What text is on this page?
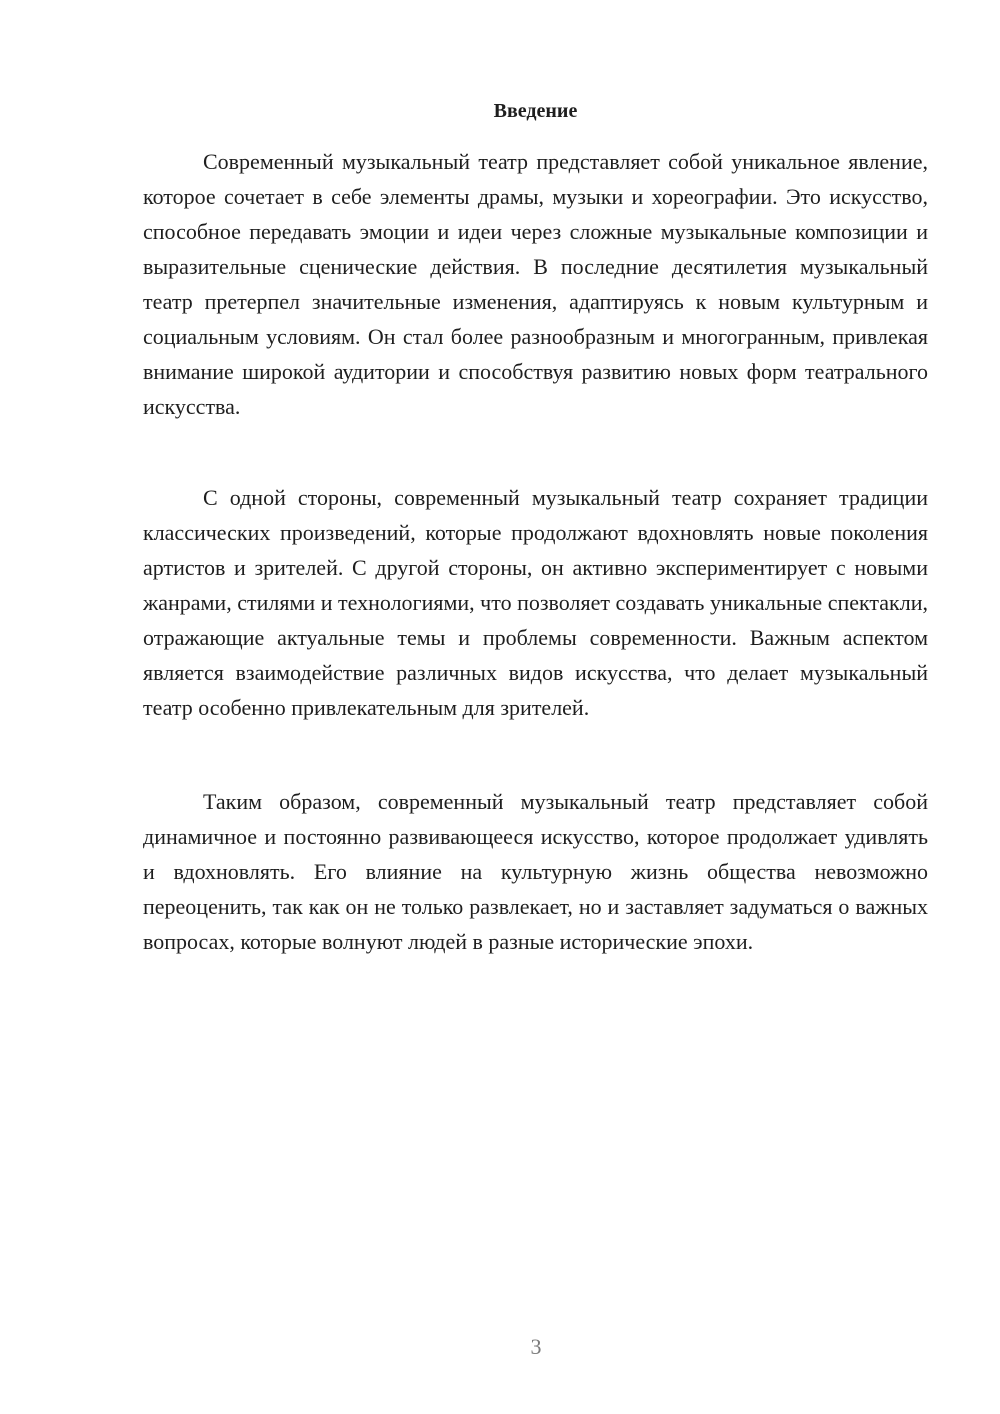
Введение

Современный музыкальный театр представляет собой уникальное явление, которое сочетает в себе элементы драмы, музыки и хореографии. Это искусство, способное передавать эмоции и идеи через сложные музыкальные композиции и выразительные сценические действия. В последние десятилетия музыкальный театр претерпел значительные изменения, адаптируясь к новым культурным и социальным условиям. Он стал более разнообразным и многогранным, привлекая внимание широкой аудитории и способствуя развитию новых форм театрального искусства.

С одной стороны, современный музыкальный театр сохраняет традиции классических произведений, которые продолжают вдохновлять новые поколения артистов и зрителей. С другой стороны, он активно экспериментирует с новыми жанрами, стилями и технологиями, что позволяет создавать уникальные спектакли, отражающие актуальные темы и проблемы современности. Важным аспектом является взаимодействие различных видов искусства, что делает музыкальный театр особенно привлекательным для зрителей.

Таким образом, современный музыкальный театр представляет собой динамичное и постоянно развивающееся искусство, которое продолжает удивлять и вдохновлять. Его влияние на культурную жизнь общества невозможно переоценить, так как он не только развлекает, но и заставляет задуматься о важных вопросах, которые волнуют людей в разные исторические эпохи.

3
